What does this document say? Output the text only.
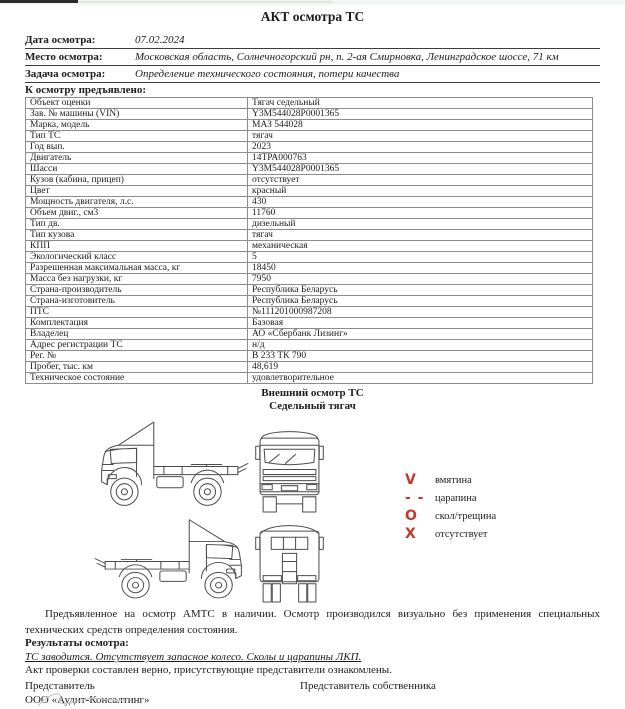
АКТ осмотра ТС
Дата осмотра:	07.02.2024
Место осмотра:	Московская область, Солнечногорский рн, п. 2-ая Смирновка, Ленинградское шоссе, 71 км
Задача осмотра:	Определение технического состояния, потери качества
К осмотру предъявлено:
Объект оценки	Тягач седельный
Зав. № машины (VIN)	Y3M544028P0001365
Марка, модель	МАЗ 544028
Тип ТС	тягач
Год вып.	2023
Двигатель	14ТРА000763
Шасси	Y3M544028P0001365
Кузов (кабина, прицеп)	отсутствует
Цвет	красный
Мощность двигателя, л.с.	430
Объем двиг., см3	11760
Тип дв.	дизельный
Тип кузова	тягач
КПП	механическая
Экологический класс	5
Разрешенная максимальная масса, кг	18450
Масса без нагрузки, кг	7950
Страна-производитель	Республика Беларусь
Страна-изготовитель	Республика Беларусь
ПТС	№111201000987208
Комплектация	Базовая
Владелец	АО «Сбербанк Лизинг»
Адрес регистрации ТС	н/д
Рег. №	В 233 ТК 790
Пробег, тыс. км	48,619
Техническое состояние	удовлетворительное
Внешний осмотр ТС
Седельный тягач
V	вмятина
- -	царапина
O	скол/трещина
X	отсутствует
Предъявленное на осмотр АМТС в наличии. Осмотр производился визуально без применения специальных технических средств определения состояния.
Результаты осмотра:
ТС заводится. Отсутствует запасное колесо. Сколы и царапины ЛКП.
Акт проверки составлен верно, присутствующие представители ознакомлены.
Представитель
ООО «Аудит-Консалтинг»
Представитель собственника
